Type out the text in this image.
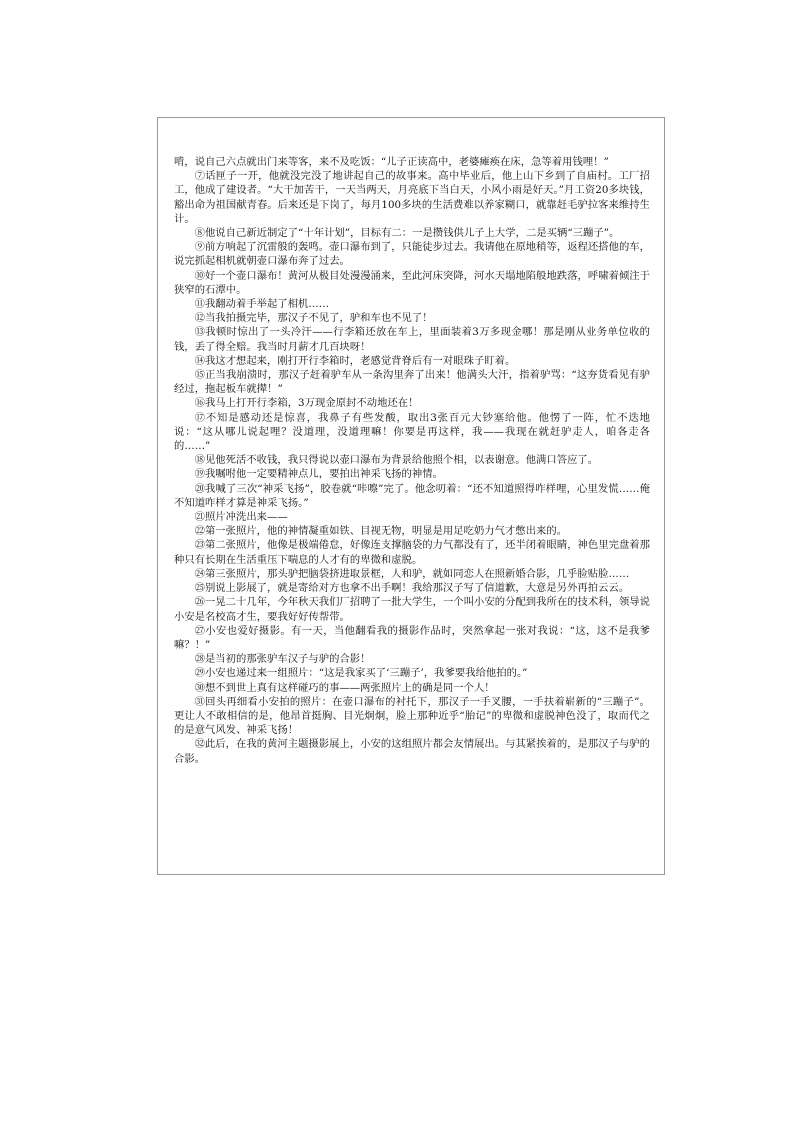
啃，说自己六点就出门来等客，来不及吃饭：“儿子正读高中，老婆瘫痪在床，急等着用钱哩！”

⑦话匣子一开，他就没完没了地讲起自己的故事来。高中毕业后，他上山下乡到了自庙村。工厂招工，他成了建设者。“大干加苦干，一天当两天，月亮底下当白天，小风小雨是好天。”月工资20多块钱，豁出命为祖国献青春。后来还是下岗了，每月100多块的生活费难以养家糊口，就靠赶毛驴拉客来维持生计。

⑧他说自己新近制定了“十年计划”，目标有二：一是攒钱供儿子上大学，二是买辆“三蹦子”。

⑨前方响起了沉雷般的轰鸣。壶口瀑布到了，只能徒步过去。我请他在原地稍等，返程还搭他的车，说完抓起相机就朝壶口瀑布奔了过去。

⑩好一个壶口瀑布！黄河从极目处漫漫涌来，至此河床突降，河水天塌地陷般地跌落，呼啸着倾注于狭窄的石潭中。

⑪我翻动着手举起了相机……

⑫当我拍摄完毕，那汉子不见了，驴和车也不见了！

⑬我顿时惊出了一头冷汗——行李箱还放在车上，里面装着3万多现金哪！那是刚从业务单位收的钱，丢了得全赔。我当时月薪才几百块呀！

⑭我这才想起来，刚打开行李箱时，老感觉背脊后有一对眼珠子盯着。

⑮正当我崩溃时，那汉子赶着驴车从一条沟里奔了出来！他满头大汗，指着驴骂：“这夯货看见有驴经过，拖起板车就撵！”

⑯我马上打开行李箱，3万现金原封不动地还在！

⑰不知是感动还是惊喜，我鼻子有些发酸，取出3张百元大钞塞给他。他愣了一阵，忙不迭地说：“这从哪儿说起哩？没道理，没道理嘛！你要是再这样，我——我现在就赶驴走人，咱各走各的……”

⑱见他死活不收钱，我只得说以壶口瀑布为背景给他照个相，以表谢意。他满口答应了。

⑲我嘱咐他一定要精神点儿，要拍出神采飞扬的神情。

⑳我喊了三次“神采飞扬”，胶卷就“咔嚓”完了。他念叨着：“还不知道照得咋样哩，心里发慌……俺不知道咋样才算是神采飞扬。”

㉑照片冲洗出来——

㉒第一张照片，他的神情凝重如铁、目视无物，明显是用足吃奶力气才憋出来的。

㉓第二张照片，他像是极端倦怠，好像连支撑脑袋的力气都没有了，还半闭着眼睛，神色里完盘着那种只有长期在生活重压下喘息的人才有的卑微和虚脱。

㉔第三张照片，那头驴把脑袋挤进取景框，人和驴，就如同恋人在照新婚合影，几乎脸贴脸……

㉕别说上影展了，就是寄给对方也拿不出手啊！我给那汉子写了信道歉，大意是另外再拍云云。

㉖一晃二十几年，今年秋天我们厂招聘了一批大学生，一个叫小安的分配到我所在的技术科，领导说小安是名校高才生，要我好好传帮带。

㉗小安也爱好摄影。有一天，当他翻看我的摄影作品时，突然拿起一张对我说：“这，这不是我爹嘛？！”

㉘是当初的那张驴车汉子与驴的合影！

㉙小安也递过来一组照片：“这是我家买了‘三蹦子’，我爹要我给他拍的。”

㉚想不到世上真有这样碰巧的事——两张照片上的确是同一个人！

㉛回头再细看小安拍的照片：在壶口瀑布的衬托下，那汉子一手叉腰，一手扶着崭新的“三蹦子”。更让人不敢相信的是，他昂首挺胸、目光炯炯，脸上那种近乎“胎记”的卑微和虚脱神色没了，取而代之的是意气风发、神采飞扬！

㉜此后，在我的黄河主题摄影展上，小安的这组照片都会友情展出。与其紧挨着的，是那汉子与驴的合影。
